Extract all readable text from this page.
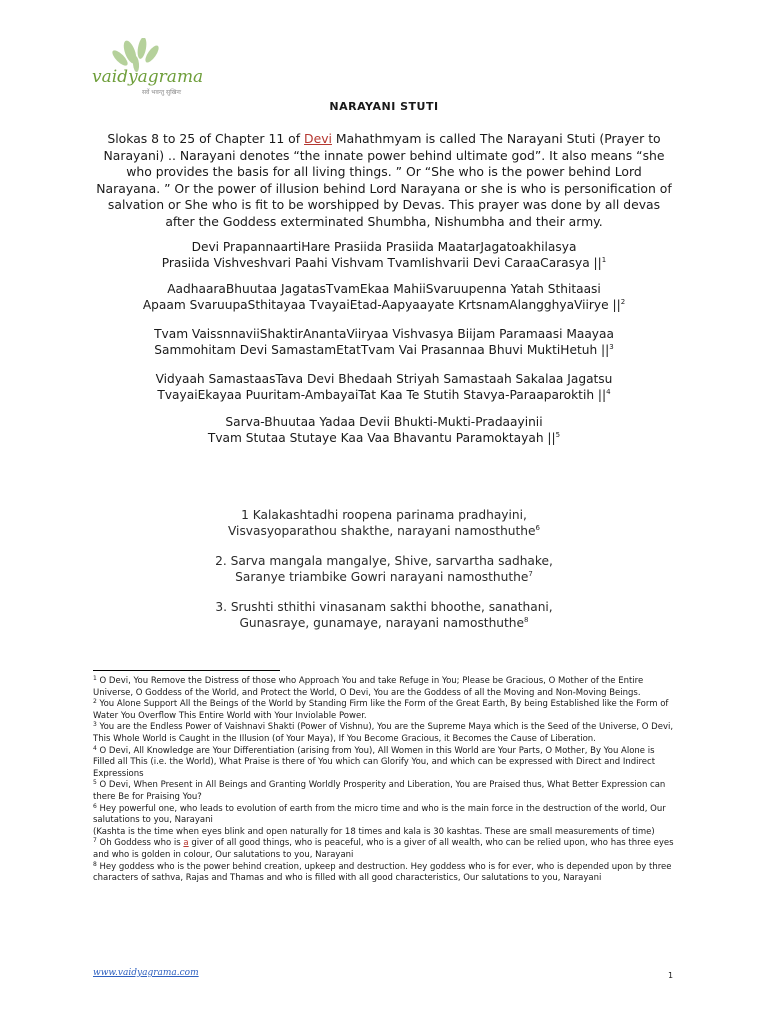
vaidyagrama
सर्वे भवन्तु सुखिनः
NARAYANI STUTI
Slokas 8 to 25 of Chapter 11 of Devi Mahathmyam is called The Narayani Stuti (Prayer to Narayani) .. Narayani denotes “the innate power behind ultimate god”. It also means “she who provides the basis for all living things. ” Or “She who is the power behind Lord Narayana. ” Or the power of illusion behind Lord Narayana or she is who is personification of salvation or She who is fit to be worshipped by Devas. This prayer was done by all devas after the Goddess exterminated Shumbha, Nishumbha and their army.
Devi PrapannaartiHare Prasiida Prasiida MaatarJagatoakhilasya
Prasiida Vishveshvari Paahi Vishvam TvamIishvarii Devi CaraaCarasya $||^1$
AadhaaraBhuutaa JagatasTvamEkaa MahiiSvaruupenna Yatah Sthitaasi
Apaam SvaruupaSthitayaa TvayaiEtad-Aapyaayate KrtsnamAlangghyaViirye $||^2$
Tvam VaissnnaviiShaktirAnantaViiryaa Vishvasya Biijam Paramaasi Maayaa
Sammohitam Devi SamastamEtatTvam Vai Prasannaa Bhuvi MuktiHetuh $||^3$
Vidyaah SamastaasTava Devi Bhedaah Striyah Samastaah Sakalaa Jagatsu
TvayaiEkayaa Puuritam-AmbayaiTat Kaa Te Stutih Stavya-Paraaparoktih $||^4$
Sarva-Bhuutaa Yadaa Devii Bhukti-Mukti-Pradaayinii
Tvam Stutaa Stutaye Kaa Vaa Bhavantu Paramoktayah $||^5$
1 Kalakashtadhi roopena parinama pradhayini,
Visvasyoparathou shakthe, narayani namosthuthe$^6$
2. Sarva mangala mangalye, Shive, sarvartha sadhake,
Saranye triambike Gowri narayani namosthuthe$^7$
3. Srushti sthithi vinasanam sakthi bhoothe, sanathani,
Gunasraye, gunamaye, narayani namosthuthe$^8$

$^1$ O Devi, You Remove the Distress of those who Approach You and take Refuge in You; Please be Gracious, O Mother of the Entire Universe, O Goddess of the World, and Protect the World, O Devi, You are the Goddess of all the Moving and Non-Moving Beings.

$^2$ You Alone Support All the Beings of the World by Standing Firm like the Form of the Great Earth, By being Established like the Form of Water You Overflow This Entire World with Your Inviolable Power.

$^3$ You are the Endless Power of Vaishnavi Shakti (Power of Vishnu), You are the Supreme Maya which is the Seed of the Universe, O Devi, This Whole World is Caught in the Illusion (of Your Maya), If You Become Gracious, it Becomes the Cause of Liberation.

$^4$ O Devi, All Knowledge are Your Differentiation (arising from You), All Women in this World are Your Parts, O Mother, By You Alone is Filled all This (i.e. the World), What Praise is there of You which can Glorify You, and which can be expressed with Direct and Indirect Expressions

$^5$ O Devi, When Present in All Beings and Granting Worldly Prosperity and Liberation, You are Praised thus, What Better Expression can there Be for Praising You?

$^6$ Hey powerful one, who leads to evolution of earth from the micro time and who is the main force in the destruction of the world, Our salutations to you, Narayani

(Kashta is the time when eyes blink and open naturally for 18 times and kala is 30 kashtas. These are small measurements of time)

$^7$ Oh Goddess who is a giver of all good things, who is peaceful, who is a giver of all wealth, who can be relied upon, who has three eyes and who is golden in colour, Our salutations to you, Narayani

$^8$ Hey goddess who is the power behind creation, upkeep and destruction. Hey goddess who is for ever, who is depended upon by three characters of sathva, Rajas and Thamas and who is filled with all good characteristics, Our salutations to you, Narayani

www.vaidyagrama.com	1
